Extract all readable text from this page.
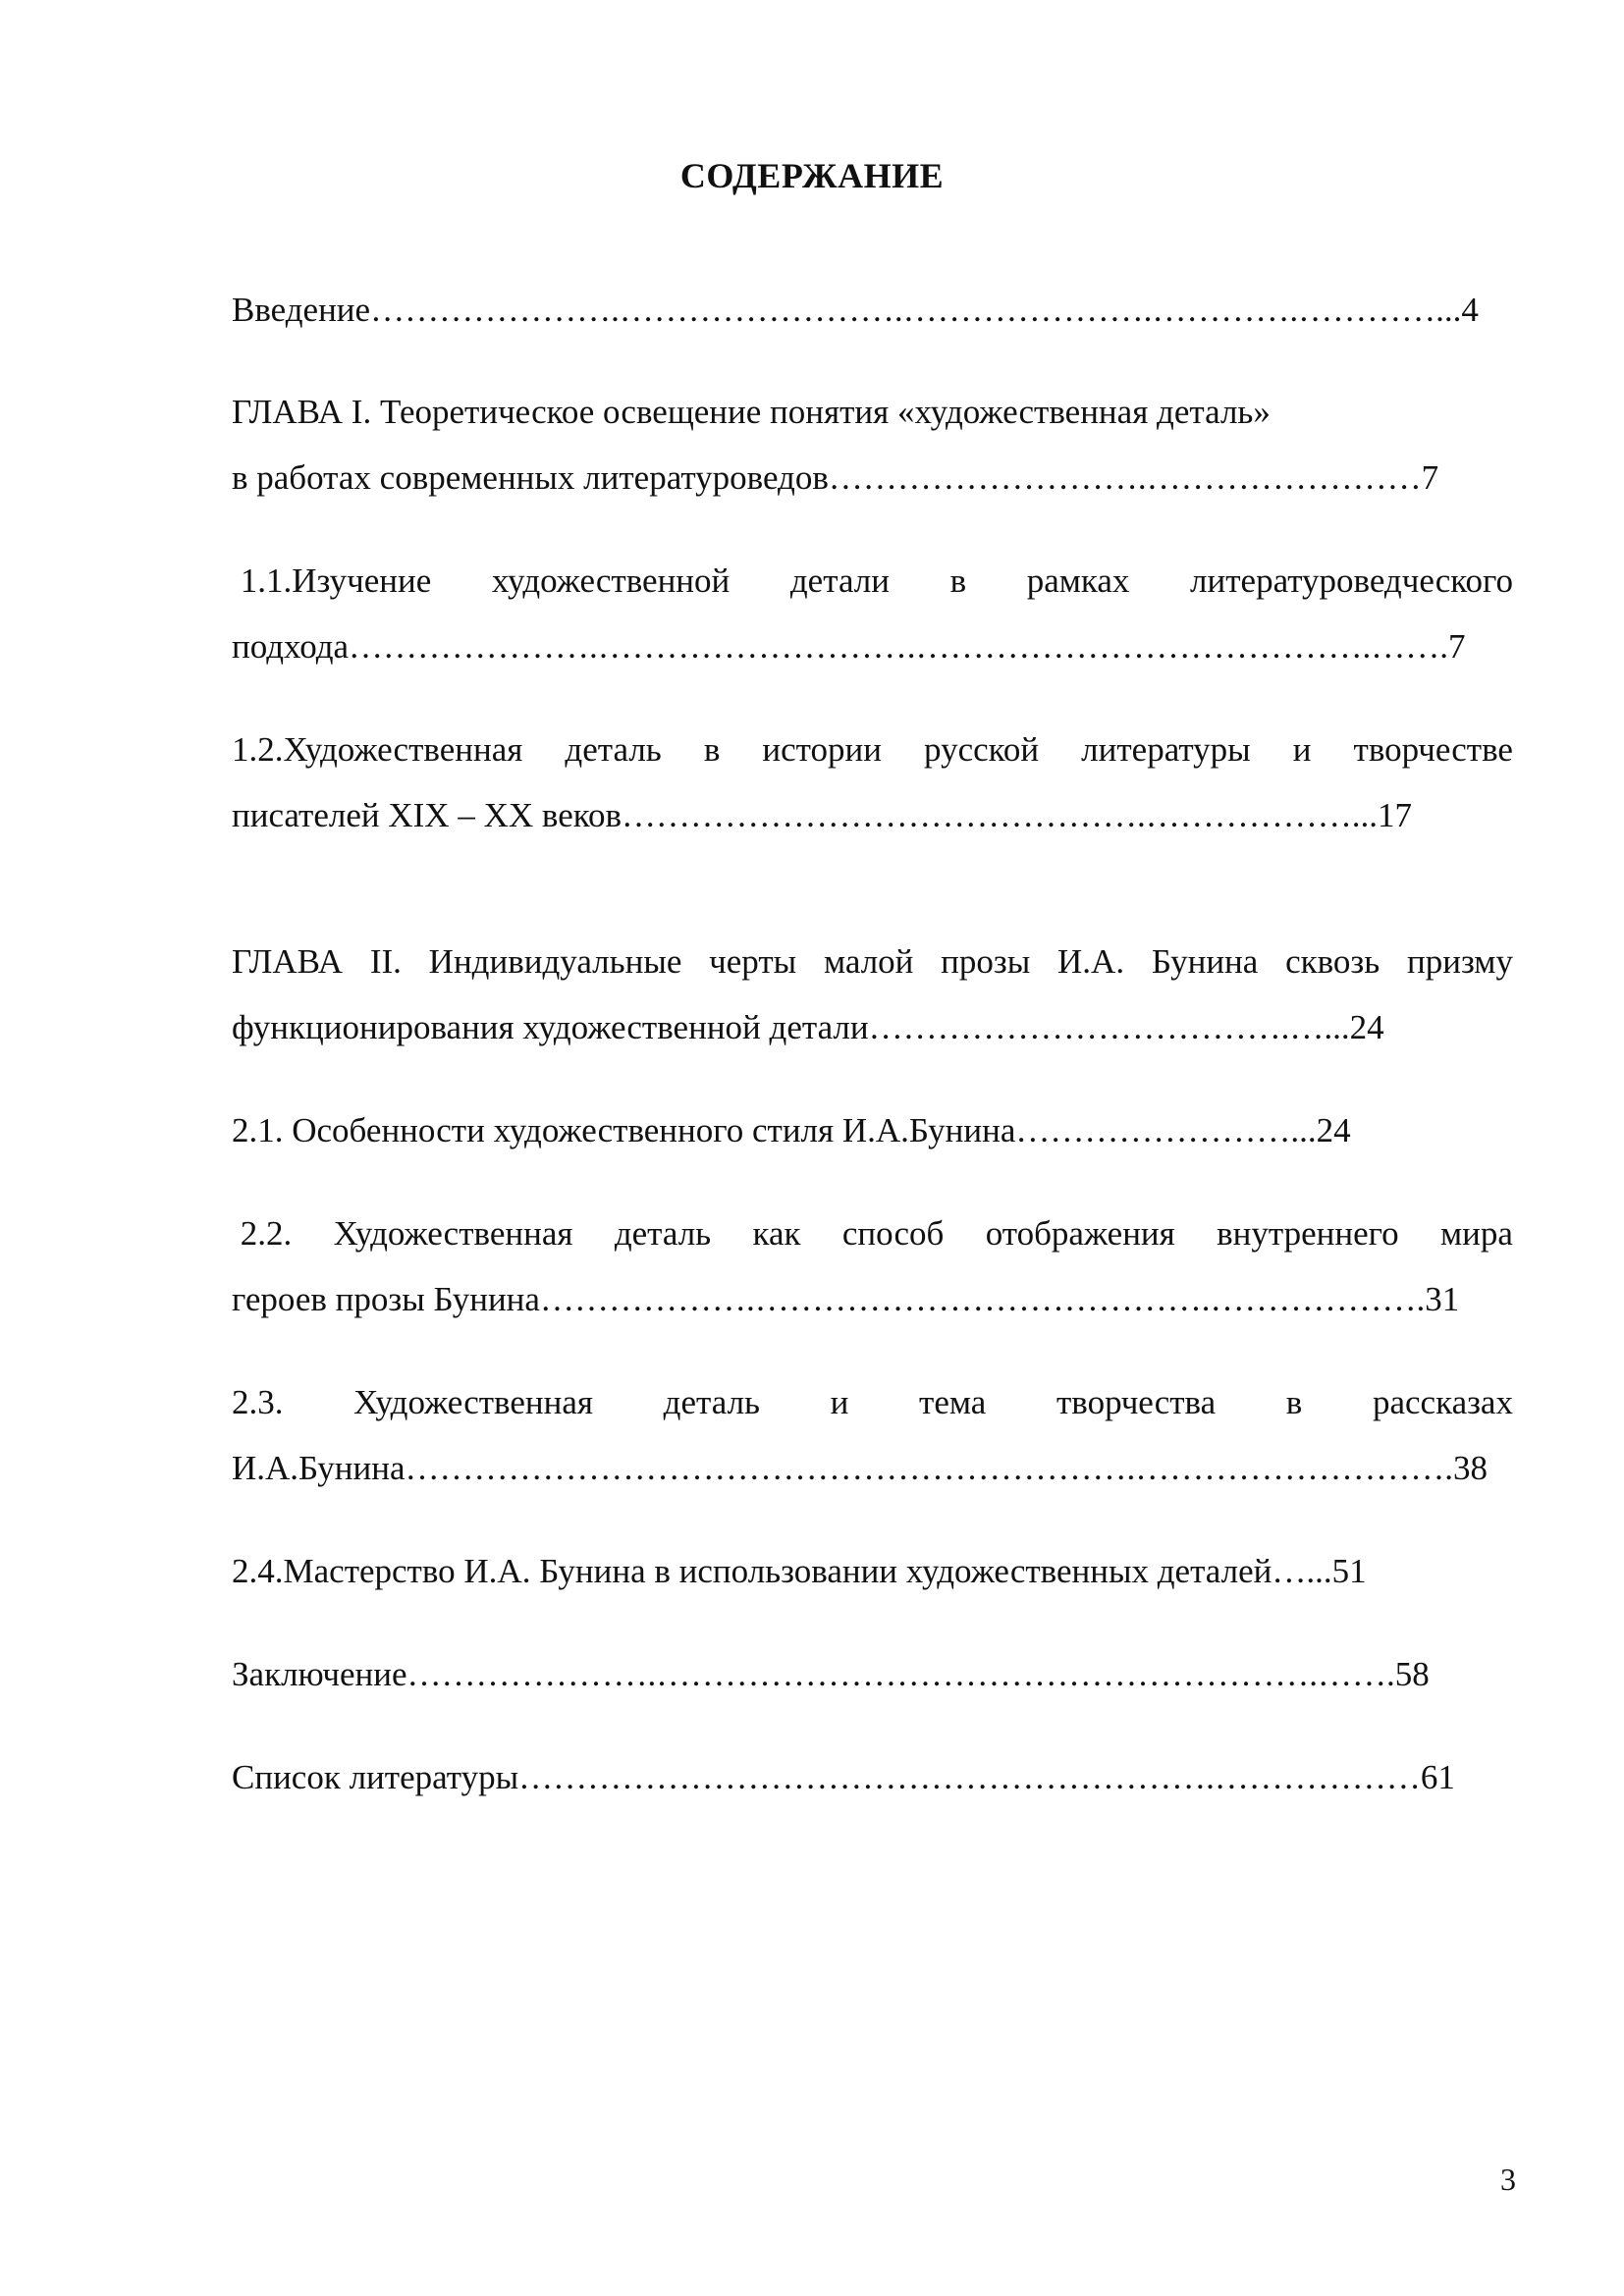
СОДЕРЖАНИЕ
Введение………………….…………………….………………….………….…………...4
ГЛАВА I. Теоретическое освещение понятия «художественная деталь»
в работах современных литературоведов……………………….……………………7
1.1.Изучение художественной детали в рамках литературоведческого
подхода………………….……………………….………………………………….…….7
1.2.Художественная деталь в истории русской литературы и творчестве
писателей XIX – XX веков……………………………………….………………...17
ГЛАВА II. Индивидуальные черты малой прозы И.А. Бунина сквозь призму
функционирования художественной детали……………………………….…...24
2.1. Особенности художественного стиля И.А.Бунина……………………...24
2.2. Художественная деталь как способ отображения внутреннего мира
героев прозы Бунина……………….………………………………….……………….31
2.3. Художественная деталь и тема творчества в рассказах
И.А.Бунина……………………………………………………….……………………….38
2.4.Мастерство И.А. Бунина в использовании художественных деталей…...51
Заключение………………….………………………………………………….…….58
Список литературы…………………………………………………….………………61
3
